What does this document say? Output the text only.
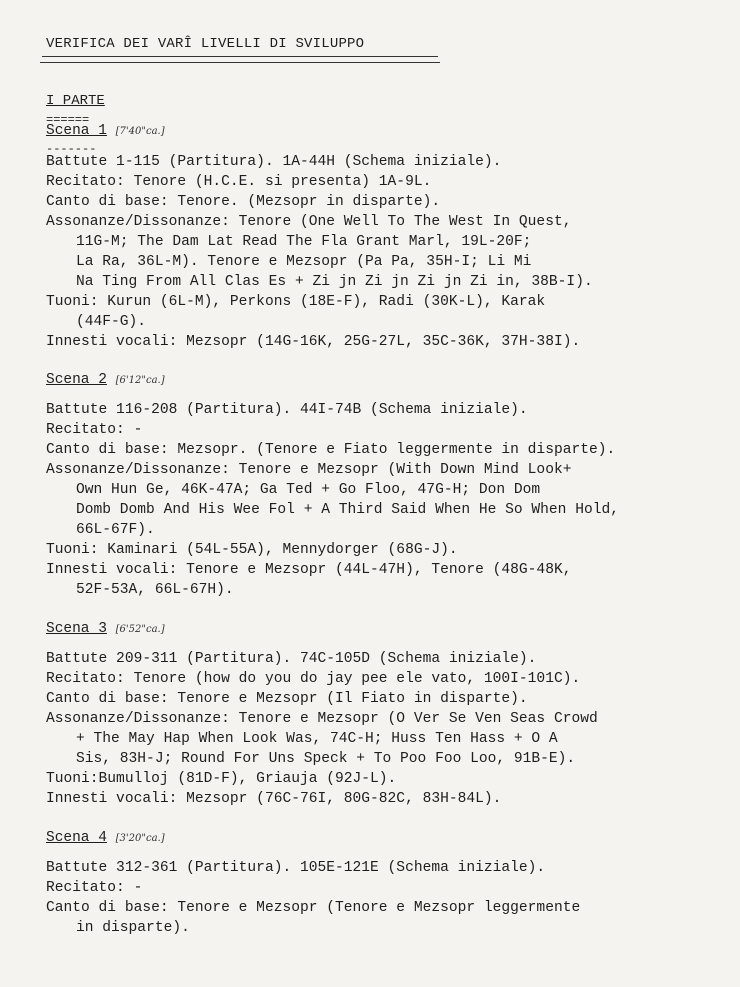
VERIFICA DEI VARÎ LIVELLI DI SVILUPPO
I PARTE
======
Scena 1 [7'40"ca.]
-------
Battute 1-115 (Partitura). 1A-44H (Schema iniziale).
Recitato: Tenore (H.C.E. si presenta) 1A-9L.
Canto di base: Tenore. (Mezsopr in disparte).
Assonanze/Dissonanze: Tenore (One Well To The West In Quest,
11G-M; The Dam Lat Read The Fla Grant Marl, 19L-20F;
La Ra, 36L-M). Tenore e Mezsopr (Pa Pa, 35H-I; Li Mi
Na Ting From All Clas Es + Zi jn Zi jn Zi jn Zi in, 38B-I).
Tuoni: Kurun (6L-M), Perkons (18E-F), Radi (30K-L), Karak
(44F-G).
Innesti vocali: Mezsopr (14G-16K, 25G-27L, 35C-36K, 37H-38I).
Scena 2 [6'12"ca.]
Battute 116-208 (Partitura). 44I-74B (Schema iniziale).
Recitato: -
Canto di base: Mezsopr. (Tenore e Fiato leggermente in disparte).
Assonanze/Dissonanze: Tenore e Mezsopr (With Down Mind Look+
Own Hun Ge, 46K-47A; Ga Ted + Go Floo, 47G-H; Don Dom
Domb Domb And His Wee Fol + A Third Said When He So When Hold,
66L-67F).
Tuoni: Kaminari (54L-55A), Mennydorger (68G-J).
Innesti vocali: Tenore e Mezsopr (44L-47H), Tenore (48G-48K,
52F-53A, 66L-67H).
Scena 3 [6'52"ca.]
Battute 209-311 (Partitura). 74C-105D (Schema iniziale).
Recitato: Tenore (how do you do jay pee ele vato, 100I-101C).
Canto di base: Tenore e Mezsopr (Il Fiato in disparte).
Assonanze/Dissonanze: Tenore e Mezsopr (O Ver Se Ven Seas Crowd
+ The May Hap When Look Was, 74C-H; Huss Ten Hass + O A
Sis, 83H-J; Round For Uns Speck + To Poo Foo Loo, 91B-E).
Tuoni:Bumulloj (81D-F), Griauja (92J-L).
Innesti vocali: Mezsopr (76C-76I, 80G-82C, 83H-84L).
Scena 4 [3'20"ca.]
Battute 312-361 (Partitura). 105E-121E (Schema iniziale).
Recitato: -
Canto di base: Tenore e Mezsopr (Tenore e Mezsopr leggermente
in disparte).
